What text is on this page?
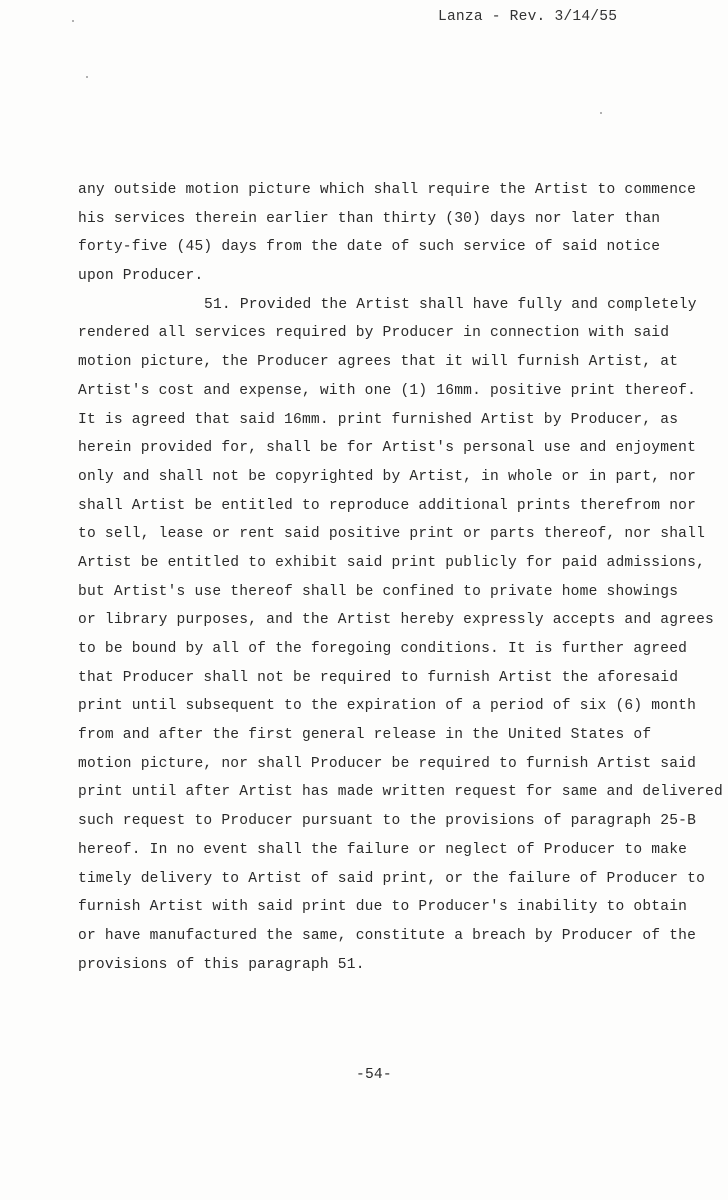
Lanza - Rev. 3/14/55
any outside motion picture which shall require the Artist to commence
his services therein earlier than thirty (30) days nor later than
forty-five (45) days from the date of such service of said notice
upon Producer.
51. Provided the Artist shall have fully and completely
rendered all services required by Producer in connection with said
motion picture, the Producer agrees that it will furnish Artist, at
Artist's cost and expense, with one (1) 16mm. positive print thereof.
It is agreed that said 16mm. print furnished Artist by Producer, as
herein provided for, shall be for Artist's personal use and enjoyment
only and shall not be copyrighted by Artist, in whole or in part, nor
shall Artist be entitled to reproduce additional prints therefrom nor
to sell, lease or rent said positive print or parts thereof, nor shall
Artist be entitled to exhibit said print publicly for paid admissions,
but Artist's use thereof shall be confined to private home showings
or library purposes, and the Artist hereby expressly accepts and agrees
to be bound by all of the foregoing conditions. It is further agreed
that Producer shall not be required to furnish Artist the aforesaid
print until subsequent to the expiration of a period of six (6) month
from and after the first general release in the United States of
motion picture, nor shall Producer be required to furnish Artist said
print until after Artist has made written request for same and delivered
such request to Producer pursuant to the provisions of paragraph 25-B
hereof. In no event shall the failure or neglect of Producer to make
timely delivery to Artist of said print, or the failure of Producer to
furnish Artist with said print due to Producer's inability to obtain
or have manufactured the same, constitute a breach by Producer of the
provisions of this paragraph 51.
-54-
